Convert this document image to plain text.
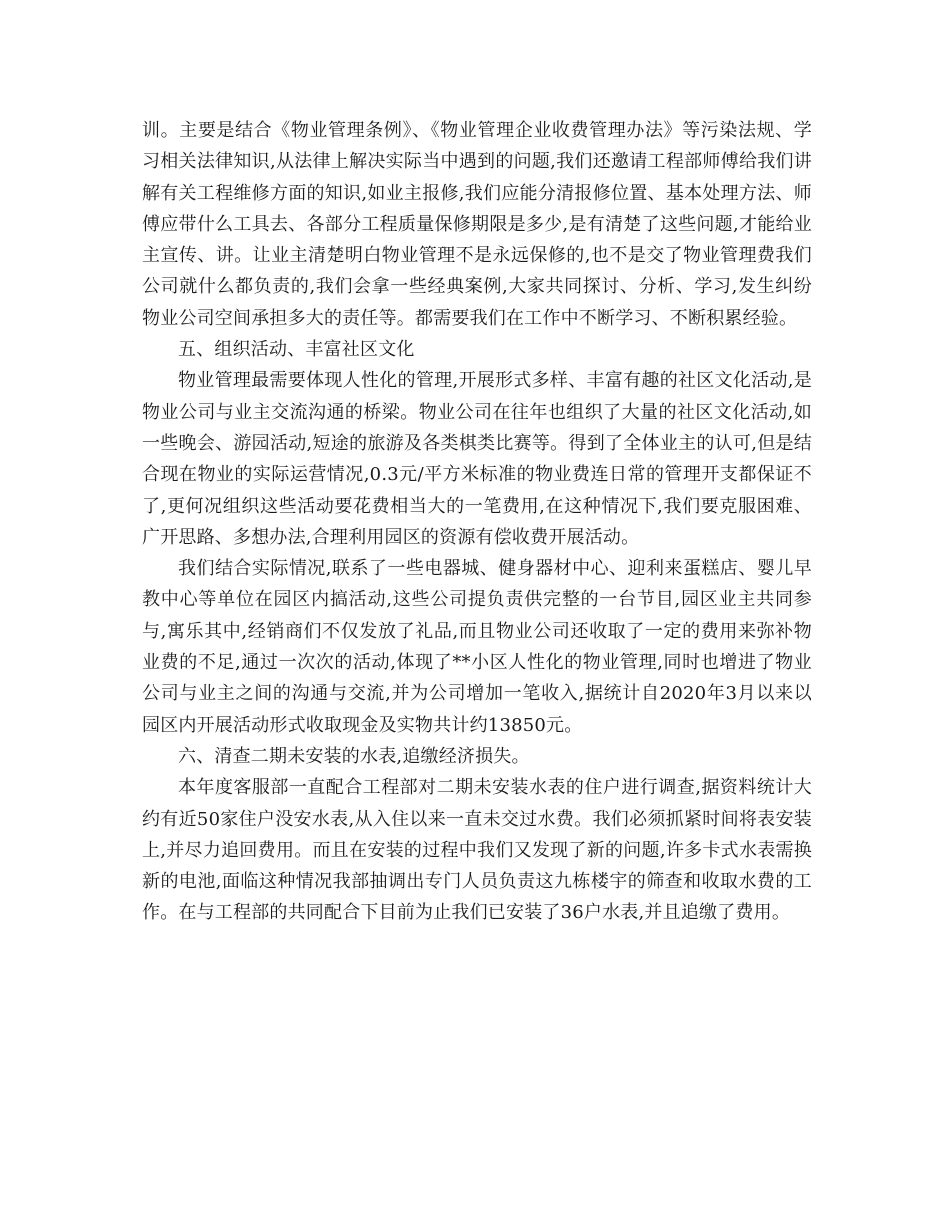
训。主要是结合《物业管理条例》、《物业管理企业收费管理办法》等污染法规、学习相关法律知识,从法律上解决实际当中遇到的问题,我们还邀请工程部师傅给我们讲解有关工程维修方面的知识,如业主报修,我们应能分清报修位置、基本处理方法、师傅应带什么工具去、各部分工程质量保修期限是多少,是有清楚了这些问题,才能给业主宣传、讲。让业主清楚明白物业管理不是永远保修的,也不是交了物业管理费我们公司就什么都负责的,我们会拿一些经典案例,大家共同探讨、分析、学习,发生纠纷物业公司空间承担多大的责任等。都需要我们在工作中不断学习、不断积累经验。

五、组织活动、丰富社区文化

物业管理最需要体现人性化的管理,开展形式多样、丰富有趣的社区文化活动,是物业公司与业主交流沟通的桥梁。物业公司在往年也组织了大量的社区文化活动,如一些晚会、游园活动,短途的旅游及各类棋类比赛等。得到了全体业主的认可,但是结合现在物业的实际运营情况,0.3元/平方米标准的物业费连日常的管理开支都保证不了,更何况组织这些活动要花费相当大的一笔费用,在这种情况下,我们要克服困难、广开思路、多想办法,合理利用园区的资源有偿收费开展活动。

我们结合实际情况,联系了一些电器城、健身器材中心、迎利来蛋糕店、婴儿早教中心等单位在园区内搞活动,这些公司提负责供完整的一台节目,园区业主共同参与,寓乐其中,经销商们不仅发放了礼品,而且物业公司还收取了一定的费用来弥补物业费的不足,通过一次次的活动,体现了**小区人性化的物业管理,同时也增进了物业公司与业主之间的沟通与交流,并为公司增加一笔收入,据统计自2020年3月以来以园区内开展活动形式收取现金及实物共计约13850元。

六、清查二期未安装的水表,追缴经济损失。

本年度客服部一直配合工程部对二期未安装水表的住户进行调查,据资料统计大约有近50家住户没安水表,从入住以来一直未交过水费。我们必须抓紧时间将表安装上,并尽力追回费用。而且在安装的过程中我们又发现了新的问题,许多卡式水表需换新的电池,面临这种情况我部抽调出专门人员负责这九栋楼宇的筛查和收取水费的工作。在与工程部的共同配合下目前为止我们已安装了36户水表,并且追缴了费用。
